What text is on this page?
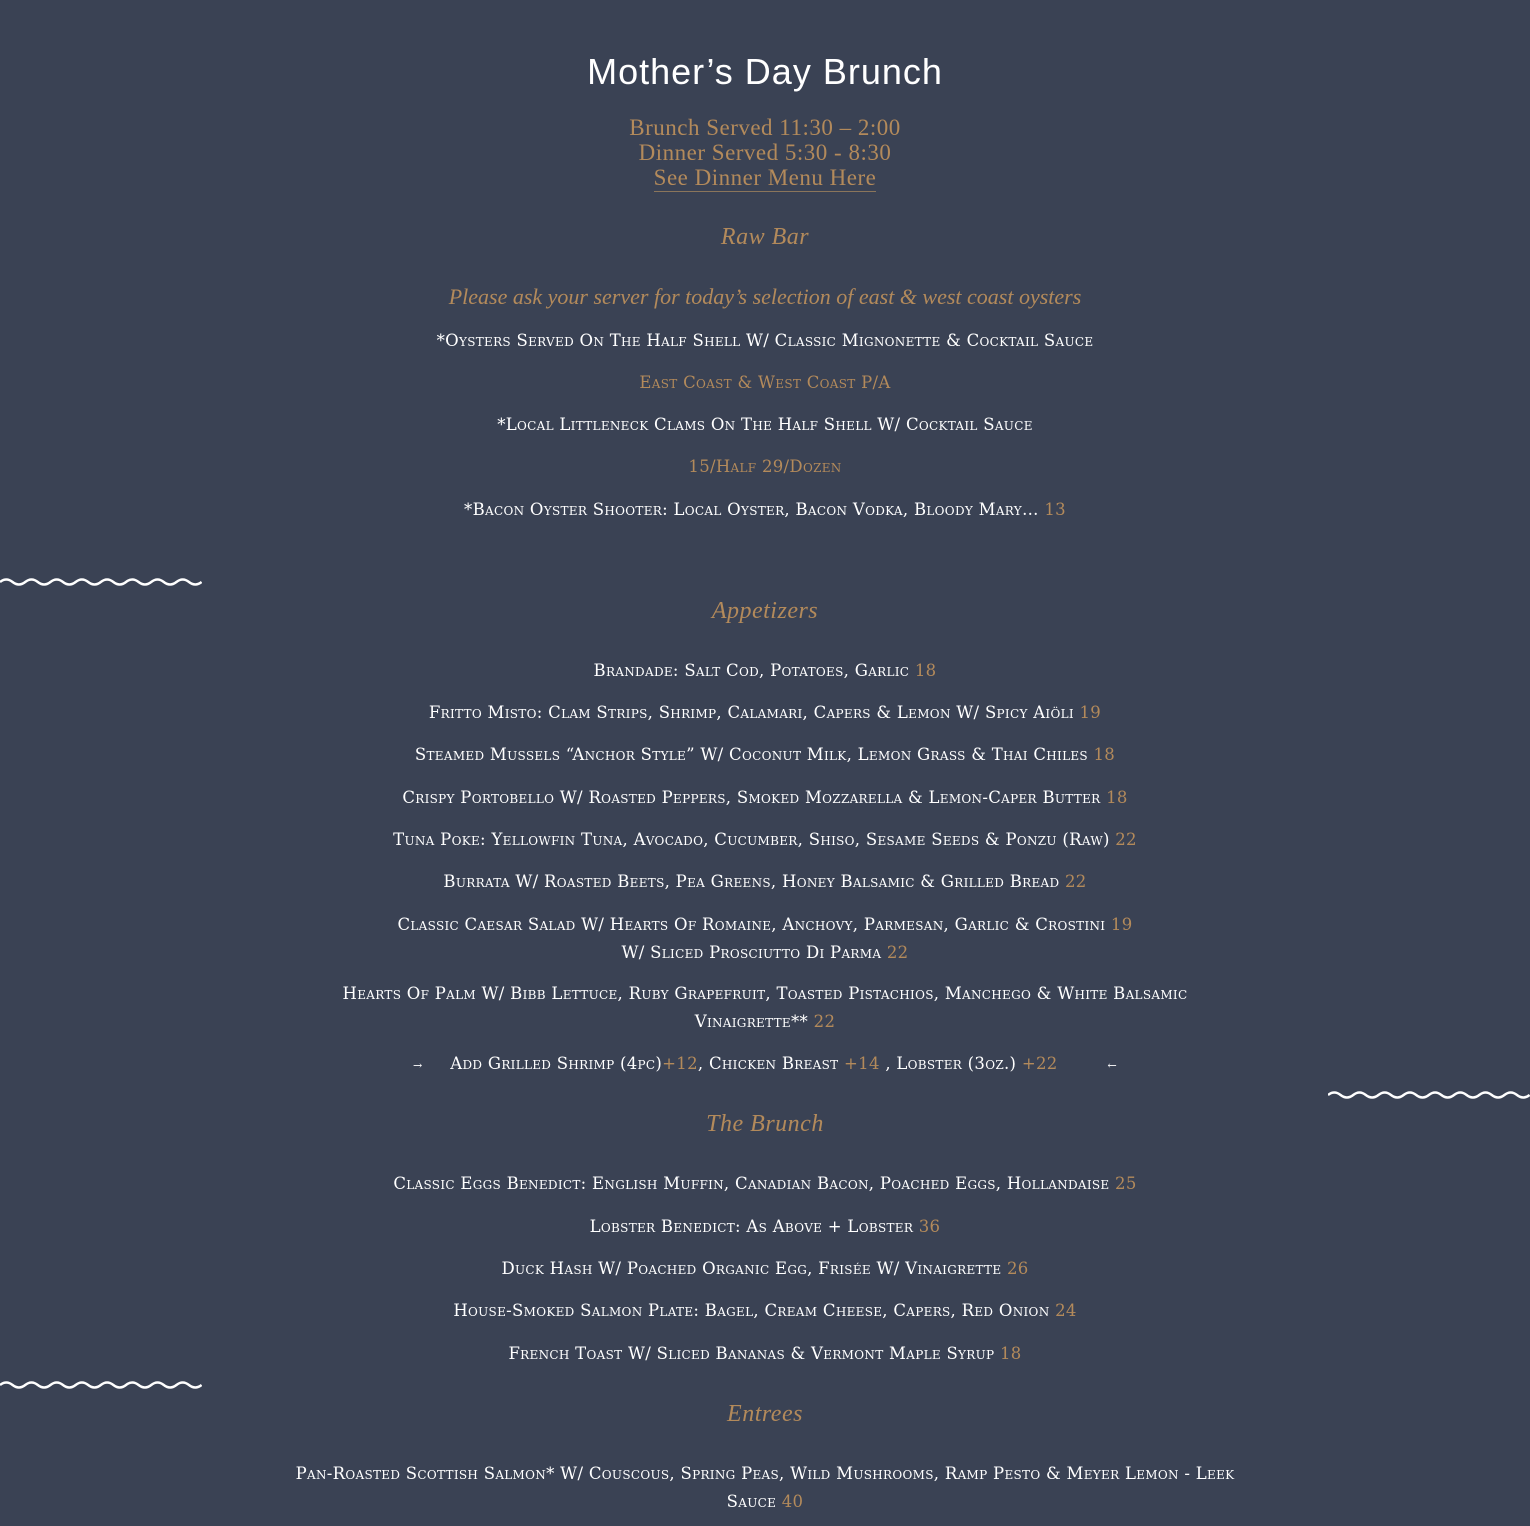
Mother’s Day Brunch
Brunch Served 11:30 – 2:00
Dinner Served 5:30 - 8:30
See Dinner Menu Here
Raw Bar
Please ask your server for today’s selection of east & west coast oysters
*Oysters Served On The Half Shell W/ Classic Mignonette & Cocktail Sauce
East Coast & West Coast P/A
*Local Littleneck Clams On The Half Shell W/ Cocktail Sauce
15/Half 29/Dozen
*Bacon Oyster Shooter: Local Oyster, Bacon Vodka, Bloody Mary… 13
Appetizers
Brandade: Salt Cod, Potatoes, Garlic 18
Fritto Misto: Clam Strips, Shrimp, Calamari, Capers & Lemon W/ Spicy Aiöli 19
Steamed Mussels “Anchor Style” W/ Coconut Milk, Lemon Grass & Thai Chiles 18
Crispy Portobello W/ Roasted Peppers, Smoked Mozzarella & Lemon-Caper Butter 18
Tuna Poke: Yellowfin Tuna, Avocado, Cucumber, Shiso, Sesame Seeds & Ponzu (Raw) 22
Burrata W/ Roasted Beets, Pea Greens, Honey Balsamic & Grilled Bread 22
Classic Caesar Salad W/ Hearts Of Romaine, Anchovy, Parmesan, Garlic & Crostini 19
W/ Sliced Prosciutto Di Parma 22
Hearts Of Palm W/ Bibb Lettuce, Ruby Grapefruit, Toasted Pistachios, Manchego & White Balsamic
Vinaigrette** 22
→ Add Grilled Shrimp (4pc)+12, Chicken Breast +14 , Lobster (3oz.) +22	←
The Brunch
Classic Eggs Benedict: English Muffin, Canadian Bacon, Poached Eggs, Hollandaise 25
Lobster Benedict: As Above + Lobster 36
Duck Hash W/ Poached Organic Egg, Frisée W/ Vinaigrette 26
House-Smoked Salmon Plate: Bagel, Cream Cheese, Capers, Red Onion 24
French Toast W/ Sliced Bananas & Vermont Maple Syrup 18
Entrees
Pan-Roasted Scottish Salmon* W/ Couscous, Spring Peas, Wild Mushrooms, Ramp Pesto & Meyer Lemon - Leek
Sauce 40
